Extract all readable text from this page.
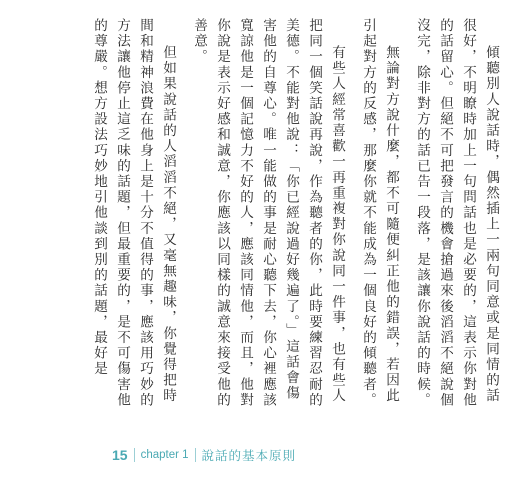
傾聽別人說話時，偶然插上一兩句同意或是同情的話很好，不明瞭時加上一句問話也是必要的，這表示你對他的話留心。但絕不可把發言的機會搶過來後滔滔不絕說個沒完，除非對方的話已告一段落，是該讓你說話的時候。

無論對方說什麼，都不可隨便糾正他的錯誤，若因此引起對方的反感，那麼你就不能成為一個良好的傾聽者。

有些人經常喜歡一再重複對你說同一件事，也有些人把同一個笑話說再說，作為聽者的你，此時要練習忍耐的美德。不能對他說：「你已經說過好幾遍了。」這話會傷害他的自尊心。唯一能做的事是耐心聽下去，你心裡應該寬諒他是一個記憶力不好的人，應該同情他，而且，他對你說是表示好感和誠意，你應該以同樣的誠意來接受他的善意。

但如果說話的人滔滔不絕，又毫無趣味，你覺得把時間和精神浪費在他身上是十分不值得的事，應該用巧妙的方法讓他停止這乏味的話題，但最重要的，是不可傷害他的尊嚴。想方設法巧妙地引他談到別的話題，最好是

15 chapter 1 說話的基本原則
